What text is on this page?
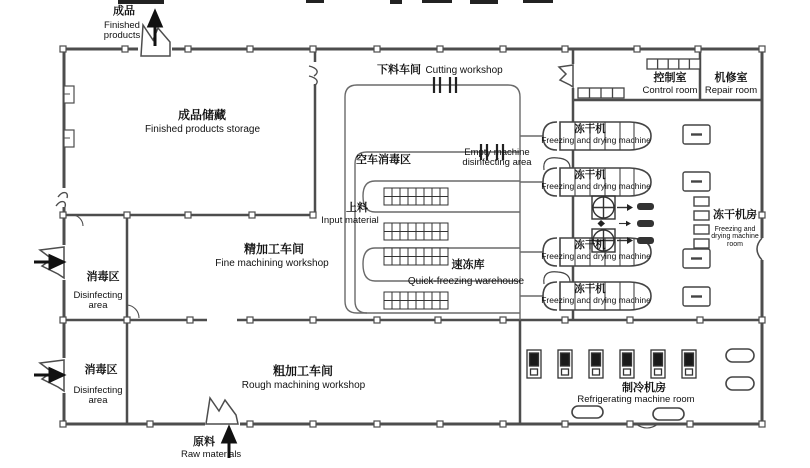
成品
Finished products
成品储藏
Finished products storage
下料车间 Cutting workshop
控制室
Control room
机修室
Repair room
空车消毒区
Empty machine
disinfecting area
上料
Input material
精加工车间
Fine machining workshop	速冻库
Quick-freezing warehouse
消毒区
Disinfecting
area
消毒区
Disinfecting
area
粗加工车间
Rough machining workshop
原料
Raw materials
冻干机房
Freezing and
drying machine
room
制冷机房
Refrigerating machine room
冻干机
Freezing and drying machine
冻干机
Freezing and drying machine
冻干机
Freezing and drying machine
冻干机
Freezing and drying machine
